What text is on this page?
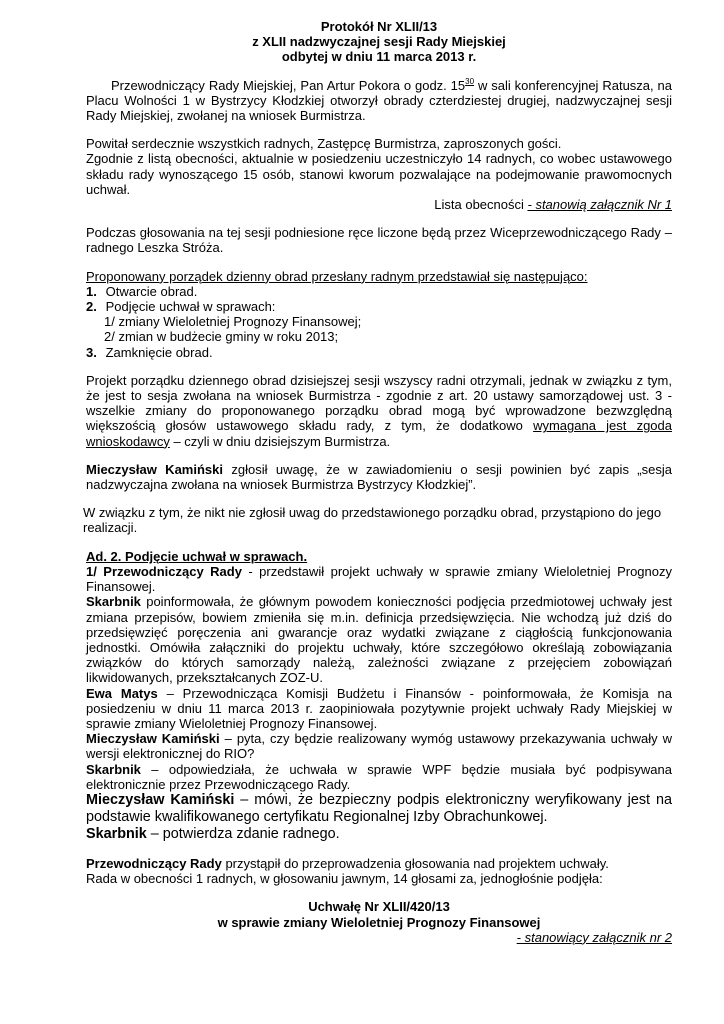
Protokół Nr XLII/13
z XLII nadzwyczajnej sesji Rady Miejskiej
odbytej w dniu 11 marca 2013 r.

Przewodniczący Rady Miejskiej, Pan Artur Pokora o godz. $15^{30}$ w sali konferencyjnej Ratusza, na Placu Wolności 1 w Bystrzycy Kłodzkiej otworzył obrady czterdziestej drugiej, nadzwyczajnej sesji Rady Miejskiej, zwołanej na wniosek Burmistrza.

Powitał serdecznie wszystkich radnych, Zastępcę Burmistrza, zaproszonych gości.
Zgodnie z listą obecności, aktualnie w posiedzeniu uczestniczyło 14 radnych, co wobec ustawowego składu rady wynoszącego 15 osób, stanowi kworum pozwalające na podejmowanie prawomocnych uchwał.
Lista obecności - stanowią załącznik Nr 1
Podczas głosowania na tej sesji podniesione ręce liczone będą przez Wiceprzewodniczącego Rady – radnego Leszka Stróża.
Proponowany porządek dzienny obrad przesłany radnym przedstawiał się następująco:
1. Otwarcie obrad.
2. Podjęcie uchwał w sprawach:
1/ zmiany Wieloletniej Prognozy Finansowej;
2/ zmian w budżecie gminy w roku 2013;
3. Zamknięcie obrad.

Projekt porządku dziennego obrad dzisiejszej sesji wszyscy radni otrzymali, jednak w związku z tym, że jest to sesja zwołana na wniosek Burmistrza - zgodnie z art. 20 ustawy samorządowej ust. 3 - wszelkie zmiany do proponowanego porządku obrad mogą być wprowadzone bezwzględną większością głosów ustawowego składu rady, z tym, że dodatkowo wymagana jest zgoda wnioskodawcy – czyli w dniu dzisiejszym Burmistrza.

Mieczysław Kamiński zgłosił uwagę, że w zawiadomieniu o sesji powinien być zapis „sesja nadzwyczajna zwołana na wniosek Burmistrza Bystrzycy Kłodzkiej”.

W związku z tym, że nikt nie zgłosił uwag do przedstawionego porządku obrad, przystąpiono do jego realizacji.
Ad. 2. Podjęcie uchwał w sprawach.

1/ Przewodniczący Rady - przedstawił projekt uchwały w sprawie zmiany Wieloletniej Prognozy Finansowej.

Skarbnik poinformowała, że głównym powodem konieczności podjęcia przedmiotowej uchwały jest zmiana przepisów, bowiem zmieniła się m.in. definicja przedsięwzięcia. Nie wchodzą już dziś do przedsięwzięć poręczenia ani gwarancje oraz wydatki związane z ciągłością funkcjonowania jednostki. Omówiła załączniki do projektu uchwały, które szczegółowo określają zobowiązania związków do których samorządy należą, zależności związane z przejęciem zobowiązań likwidowanych, przekształcanych ZOZ-U.

Ewa Matys – Przewodnicząca Komisji Budżetu i Finansów - poinformowała, że Komisja na posiedzeniu w dniu 11 marca 2013 r. zaopiniowała pozytywnie projekt uchwały Rady Miejskiej w sprawie zmiany Wieloletniej Prognozy Finansowej.

Mieczysław Kamiński – pyta, czy będzie realizowany wymóg ustawowy przekazywania uchwały w wersji elektronicznej do RIO?

Skarbnik – odpowiedziała, że uchwała w sprawie WPF będzie musiała być podpisywana elektronicznie przez Przewodniczącego Rady.

Mieczysław Kamiński – mówi, że bezpieczny podpis elektroniczny weryfikowany jest na podstawie kwalifikowanego certyfikatu Regionalnej Izby Obrachunkowej.

Skarbnik – potwierdza zdanie radnego.

Przewodniczący Rady przystąpił do przeprowadzenia głosowania nad projektem uchwały.
Rada w obecności 1 radnych, w głosowaniu jawnym, 14 głosami za, jednogłośnie podjęła:
Uchwałę Nr XLII/420/13
w sprawie zmiany Wieloletniej Prognozy Finansowej
- stanowiący załącznik nr 2
